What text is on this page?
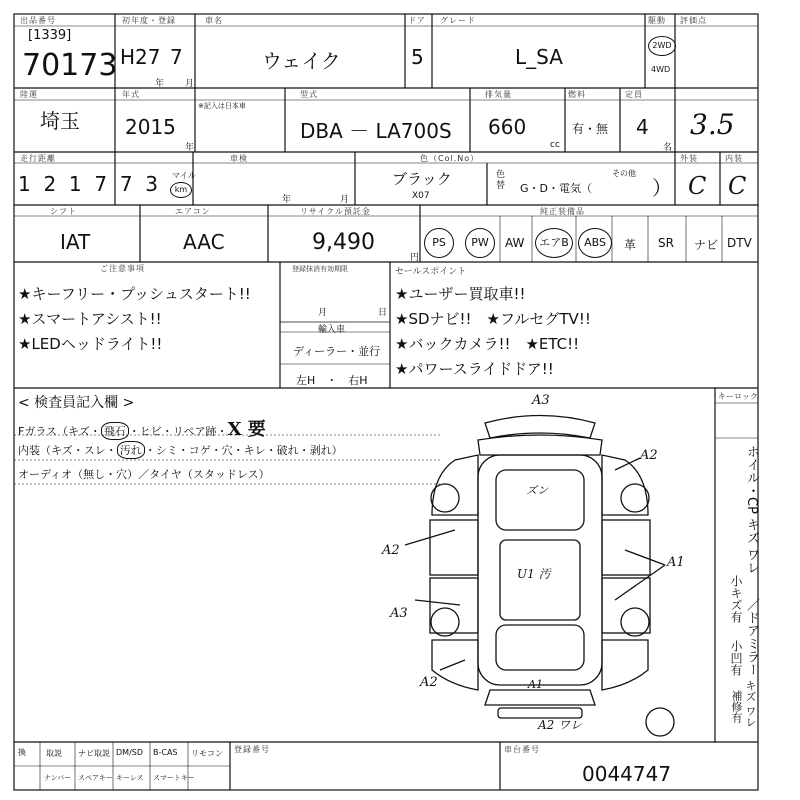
出品番号
[1339]
70173
初年度・登録
H27 7
年 月
車名
ウェイク
ドア
5
グレード
L_SA
駆動
2WD
4WD
評価点
陸運
埼玉
年式
2015
年
※記入は日本車
型式
DBA － LA700S
排気量
660
cc
燃料
有・無
定員
4
名
3.5
走行距離
1 2 1 7 7 3 マイル
km
車検
年	月
色（Col.No）
ブラック
X07
色替 G・D・電気（
その他
）
外装	内装
C C
シフト
IAT
エアコン
AAC
リサイクル預託金
9,490
円
純正装備品
PS	PW	AW	エアB	ABS	革 SR ナビ DTV
ご注意事項
★キーフリー・プッシュスタート!!
★スマートアシスト!!
★LEDヘッドライト!!
登録抹消有効期限
月	日
輸入車
ディーラー・並行
左H　・　右H
セールスポイント
★ユーザー買取車!!
★SDナビ!!　★フルセグTV!!
★バックカメラ!!　★ETC!!
★パワースライドドア!!
< 検査員記入欄 >
Fガラス（キズ・ 飛石 ・ヒビ・リペア跡・X 要
内装（キズ・スレ・ 汚れ ・シミ・コゲ・穴・キレ・破れ・剥れ）
オーディオ（無し・穴）／タイヤ（スタッドレス）
A3
A2
A2
A3
A2
A1
ズン
U1 汚
A1
A2 ワレ
キーロック
ホイル・CP キズ ワレ
／ドアミラー
小キズ有
小凹有
キズ ワレ
補修有
換	取説 ナビ取説 DM/SD B-CAS リモコン
ナンバー スペアキー キーレス スマートキー
登録番号	車台番号
0044747
